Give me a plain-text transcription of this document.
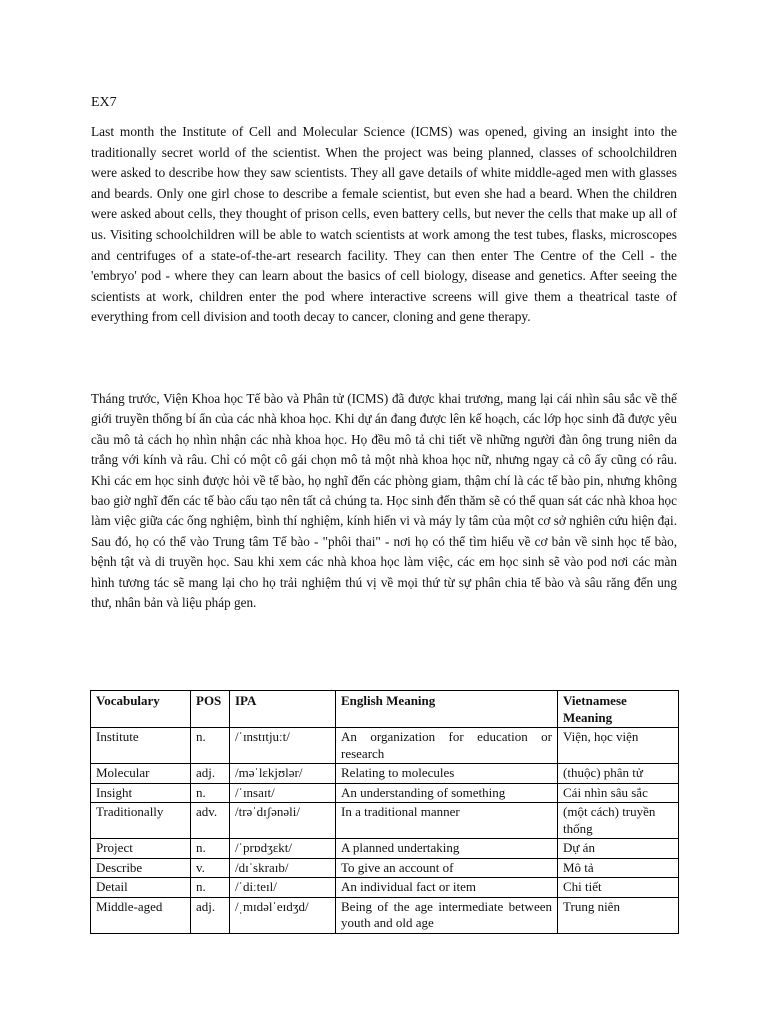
EX7

Last month the Institute of Cell and Molecular Science (ICMS) was opened, giving an insight into the traditionally secret world of the scientist. When the project was being planned, classes of schoolchildren were asked to describe how they saw scientists. They all gave details of white middle-aged men with glasses and beards. Only one girl chose to describe a female scientist, but even she had a beard. When the children were asked about cells, they thought of prison cells, even battery cells, but never the cells that make up all of us. Visiting schoolchildren will be able to watch scientists at work among the test tubes, flasks, microscopes and centrifuges of a state-of-the-art research facility. They can then enter The Centre of the Cell - the 'embryo' pod - where they can learn about the basics of cell biology, disease and genetics. After seeing the scientists at work, children enter the pod where interactive screens will give them a theatrical taste of everything from cell division and tooth decay to cancer, cloning and gene therapy.

Tháng trước, Viện Khoa học Tế bào và Phân tử (ICMS) đã được khai trương, mang lại cái nhìn sâu sắc về thế giới truyền thống bí ẩn của các nhà khoa học. Khi dự án đang được lên kế hoạch, các lớp học sinh đã được yêu cầu mô tả cách họ nhìn nhận các nhà khoa học. Họ đều mô tả chi tiết về những người đàn ông trung niên da trắng với kính và râu. Chỉ có một cô gái chọn mô tả một nhà khoa học nữ, nhưng ngay cả cô ấy cũng có râu. Khi các em học sinh được hỏi về tế bào, họ nghĩ đến các phòng giam, thậm chí là các tế bào pin, nhưng không bao giờ nghĩ đến các tế bào cấu tạo nên tất cả chúng ta. Học sinh đến thăm sẽ có thể quan sát các nhà khoa học làm việc giữa các ống nghiệm, bình thí nghiệm, kính hiển vi và máy ly tâm của một cơ sở nghiên cứu hiện đại. Sau đó, họ có thể vào Trung tâm Tế bào - "phôi thai" - nơi họ có thể tìm hiểu về cơ bản về sinh học tế bào, bệnh tật và di truyền học. Sau khi xem các nhà khoa học làm việc, các em học sinh sẽ vào pod nơi các màn hình tương tác sẽ mang lại cho họ trải nghiệm thú vị về mọi thứ từ sự phân chia tế bào và sâu răng đến ung thư, nhân bản và liệu pháp gen.

Vocabulary	POS	IPA	English Meaning	Vietnamese Meaning
Institute	n.	/ˈɪnstɪtjuːt/	An organization for education or research	Viện, học viện
Molecular	adj.	/məˈlɛkjʊlər/	Relating to molecules	(thuộc) phân tử
Insight	n.	/ˈɪnsaɪt/	An understanding of something	Cái nhìn sâu sắc
Traditionally	adv.	/trəˈdɪʃənəli/	In a traditional manner	(một cách) truyền thống
Project	n.	/ˈprɒdʒɛkt/	A planned undertaking	Dự án
Describe	v.	/dɪˈskraɪb/	To give an account of	Mô tả
Detail	n.	/ˈdiːteɪl/	An individual fact or item	Chi tiết
Middle-aged	adj.	/ˌmɪdəlˈeɪdʒd/	Being of the age intermediate between youth and old age	Trung niên
